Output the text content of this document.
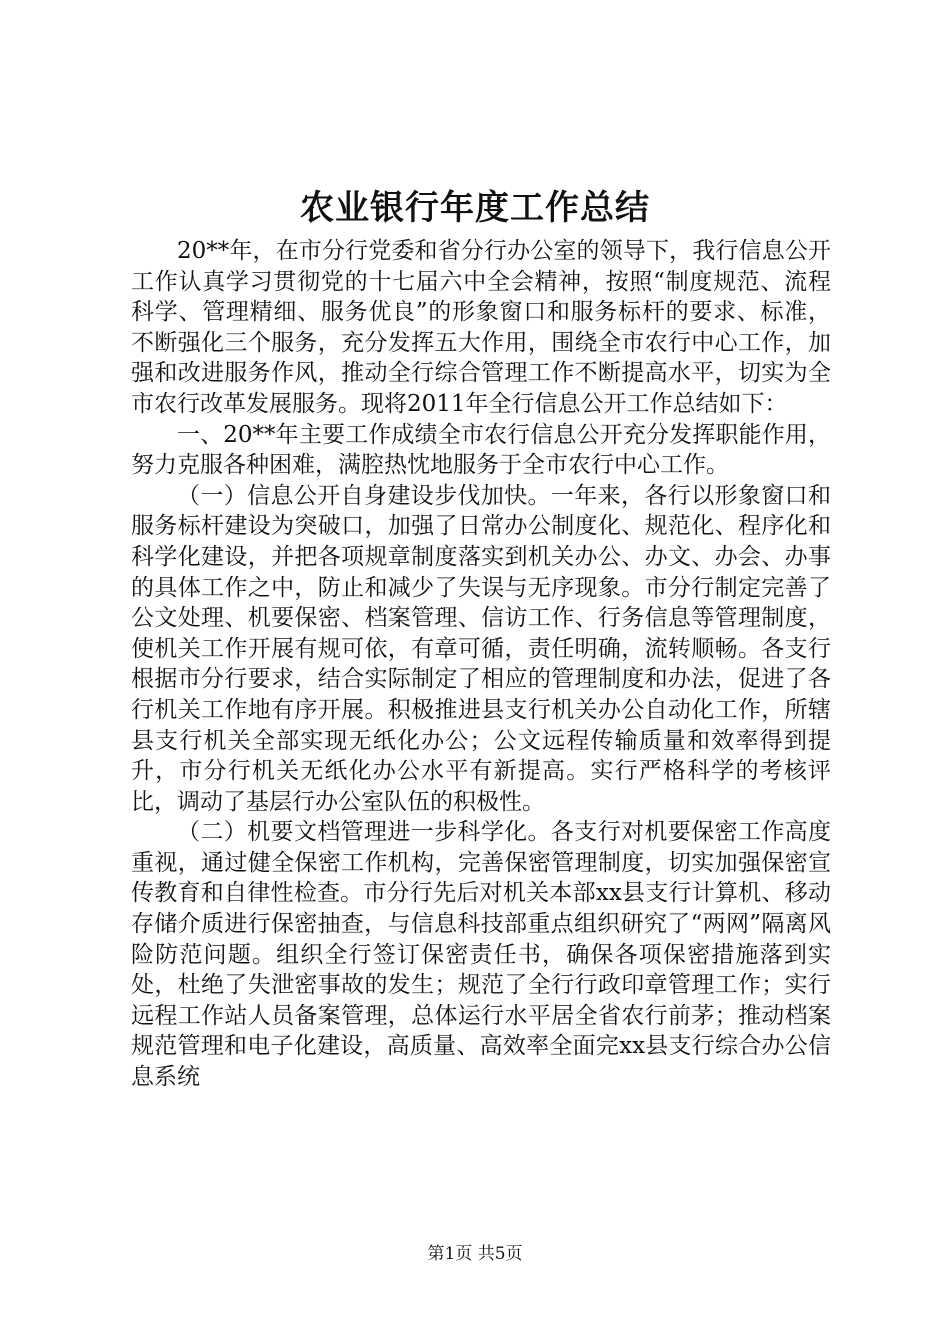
农业银行年度工作总结

20**年，在市分行党委和省分行办公室的领导下，我行信息公开工作认真学习贯彻党的十七届六中全会精神，按照“制度规范、流程科学、管理精细、服务优良”的形象窗口和服务标杆的要求、标准，不断强化三个服务，充分发挥五大作用，围绕全市农行中心工作，加强和改进服务作风，推动全行综合管理工作不断提高水平，切实为全市农行改革发展服务。现将2011年全行信息公开工作总结如下：

一、20**年主要工作成绩全市农行信息公开充分发挥职能作用，努力克服各种困难，满腔热忱地服务于全市农行中心工作。

（一）信息公开自身建设步伐加快。一年来，各行以形象窗口和服务标杆建设为突破口，加强了日常办公制度化、规范化、程序化和科学化建设，并把各项规章制度落实到机关办公、办文、办会、办事的具体工作之中，防止和减少了失误与无序现象。市分行制定完善了公文处理、机要保密、档案管理、信访工作、行务信息等管理制度，使机关工作开展有规可依，有章可循，责任明确，流转顺畅。各支行根据市分行要求，结合实际制定了相应的管理制度和办法，促进了各行机关工作地有序开展。积极推进县支行机关办公自动化工作，所辖县支行机关全部实现无纸化办公；公文远程传输质量和效率得到提升，市分行机关无纸化办公水平有新提高。实行严格科学的考核评比，调动了基层行办公室队伍的积极性。

（二）机要文档管理进一步科学化。各支行对机要保密工作高度重视，通过健全保密工作机构，完善保密管理制度，切实加强保密宣传教育和自律性检查。市分行先后对机关本部xx县支行计算机、移动存储介质进行保密抽查，与信息科技部重点组织研究了“两网”隔离风险防范问题。组织全行签订保密责任书，确保各项保密措施落到实处，杜绝了失泄密事故的发生；规范了全行行政印章管理工作；实行远程工作站人员备案管理，总体运行水平居全省农行前茅；推动档案规范管理和电子化建设，高质量、高效率全面完xx县支行综合办公信息系统

第1页 共5页
